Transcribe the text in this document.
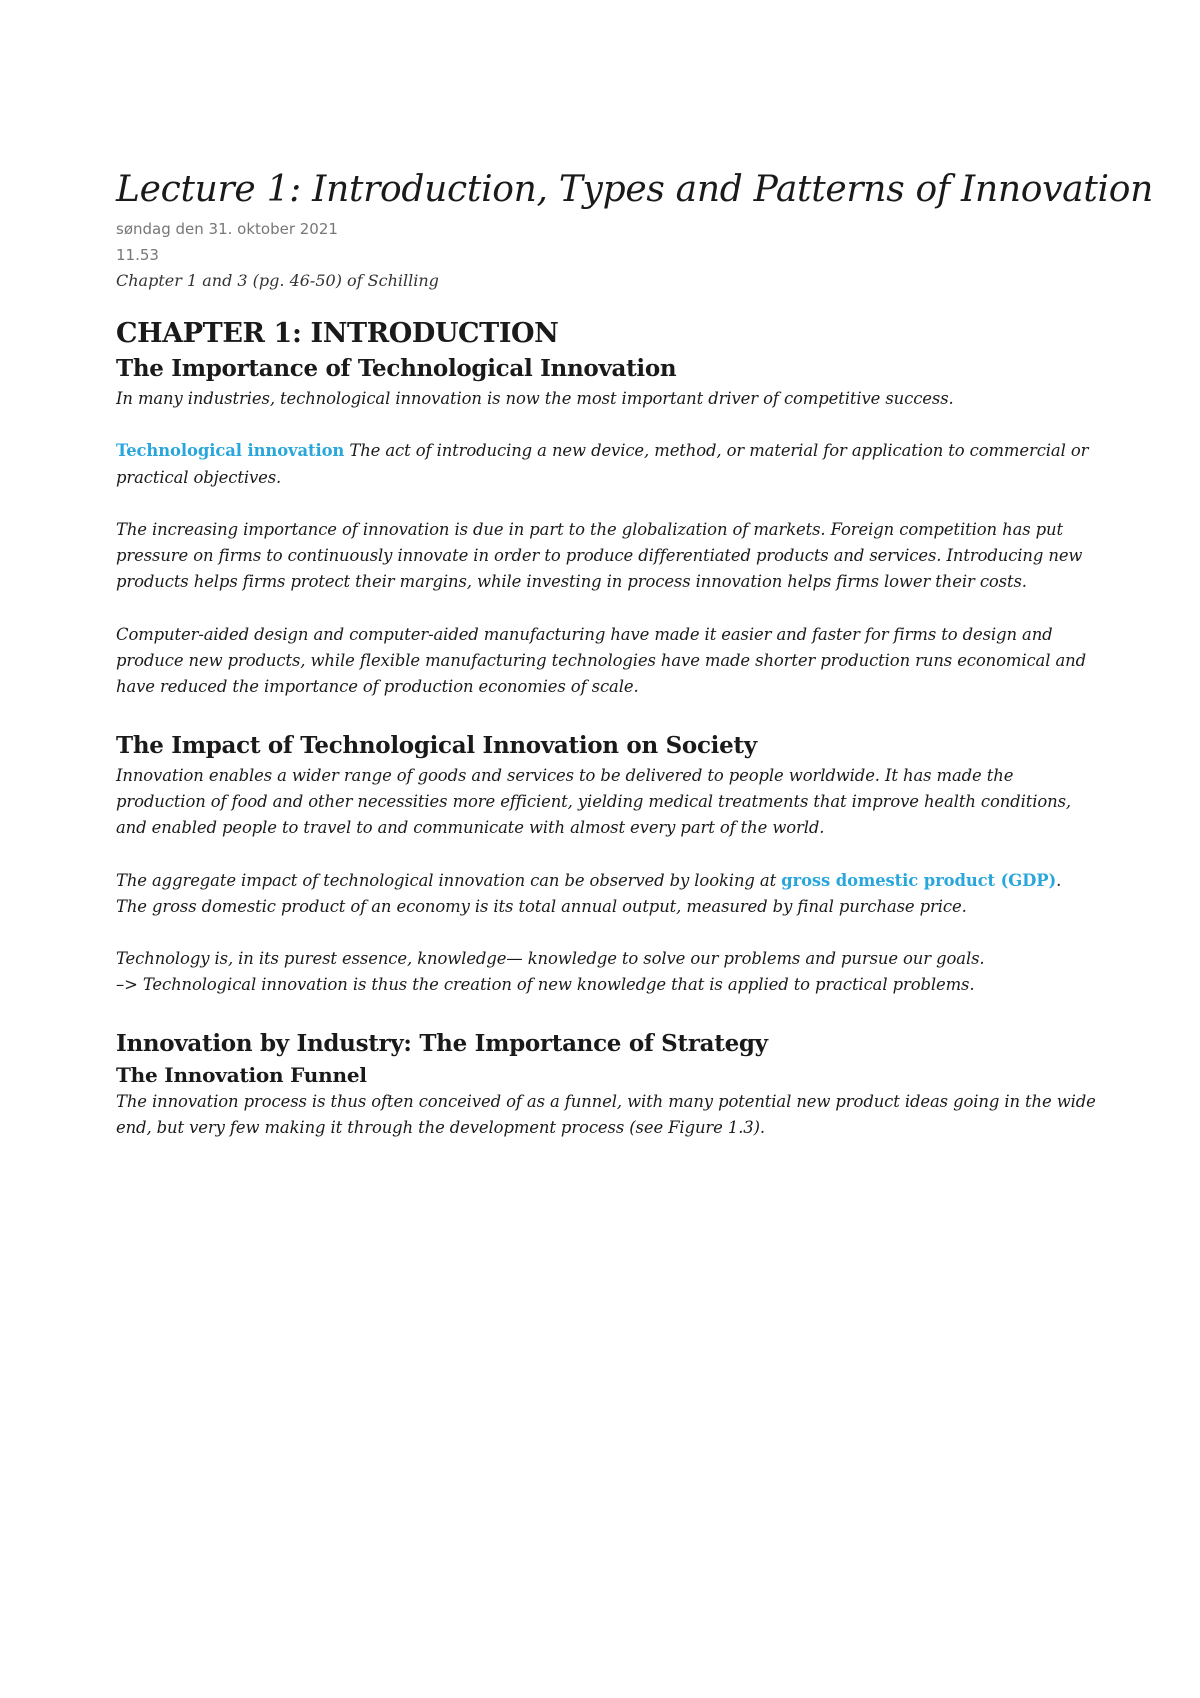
Lecture 1: Introduction, Types and Patterns of Innovation
søndag den 31. oktober 2021
11.53
Chapter 1 and 3 (pg. 46-50) of Schilling
CHAPTER 1: INTRODUCTION
The Importance of Technological Innovation

In many industries, technological innovation is now the most important driver of competitive success.

Technological innovation The act of introducing a new device, method, or material for application to commercial or practical objectives.

The increasing importance of innovation is due in part to the globalization of markets. Foreign competition has put pressure on firms to continuously innovate in order to produce differentiated products and services. Introducing new products helps firms protect their margins, while investing in process innovation helps firms lower their costs.

Computer-aided design and computer-aided manufacturing have made it easier and faster for firms to design and produce new products, while flexible manufacturing technologies have made shorter production runs economical and have reduced the importance of production economies of scale.

The Impact of Technological Innovation on Society

Innovation enables a wider range of goods and services to be delivered to people worldwide. It has made the production of food and other necessities more efficient, yielding medical treatments that improve health conditions, and enabled people to travel to and communicate with almost every part of the world.

The aggregate impact of technological innovation can be observed by looking at gross domestic product (GDP). The gross domestic product of an economy is its total annual output, measured by final purchase price.

Technology is, in its purest essence, knowledge— knowledge to solve our problems and pursue our goals.
–> Technological innovation is thus the creation of new knowledge that is applied to practical problems.

Innovation by Industry: The Importance of Strategy
The Innovation Funnel

The innovation process is thus often conceived of as a funnel, with many potential new product ideas going in the wide end, but very few making it through the development process (see Figure 1.3).
